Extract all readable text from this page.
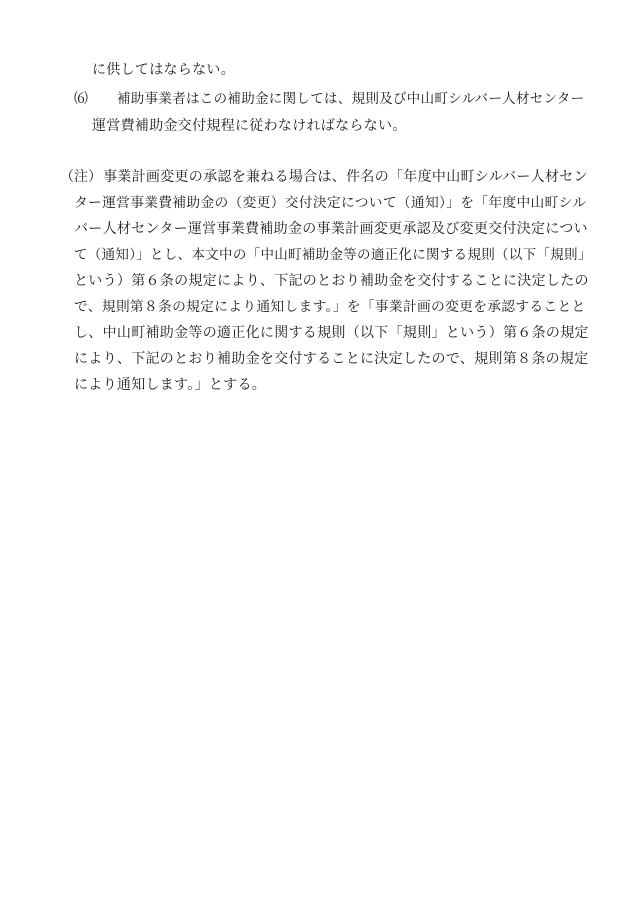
に供してはならない。
⑹ 補助事業者はこの補助金に関しては、規則及び中山町シルバー人材センター
運営費補助金交付規程に従わなければならない。
（注） 事業計画変更の承認を兼ねる場合は、件名の「年度中山町シルバー人材セン
ター運営事業費補助金の（変更）交付決定について（通知）」を「年度中山町シル
バー人材センター運営事業費補助金の事業計画変更承認及び変更交付決定につい
て（通知）」とし、本文中の「中山町補助金等の適正化に関する規則（以下「規則」
という）第６条の規定により、下記のとおり補助金を交付することに決定したの
で、規則第８条の規定により通知します。」を「事業計画の変更を承認することと
し、中山町補助金等の適正化に関する規則（以下「規則」という）第６条の規定
により、下記のとおり補助金を交付することに決定したので、規則第８条の規定
により通知します。」とする。
